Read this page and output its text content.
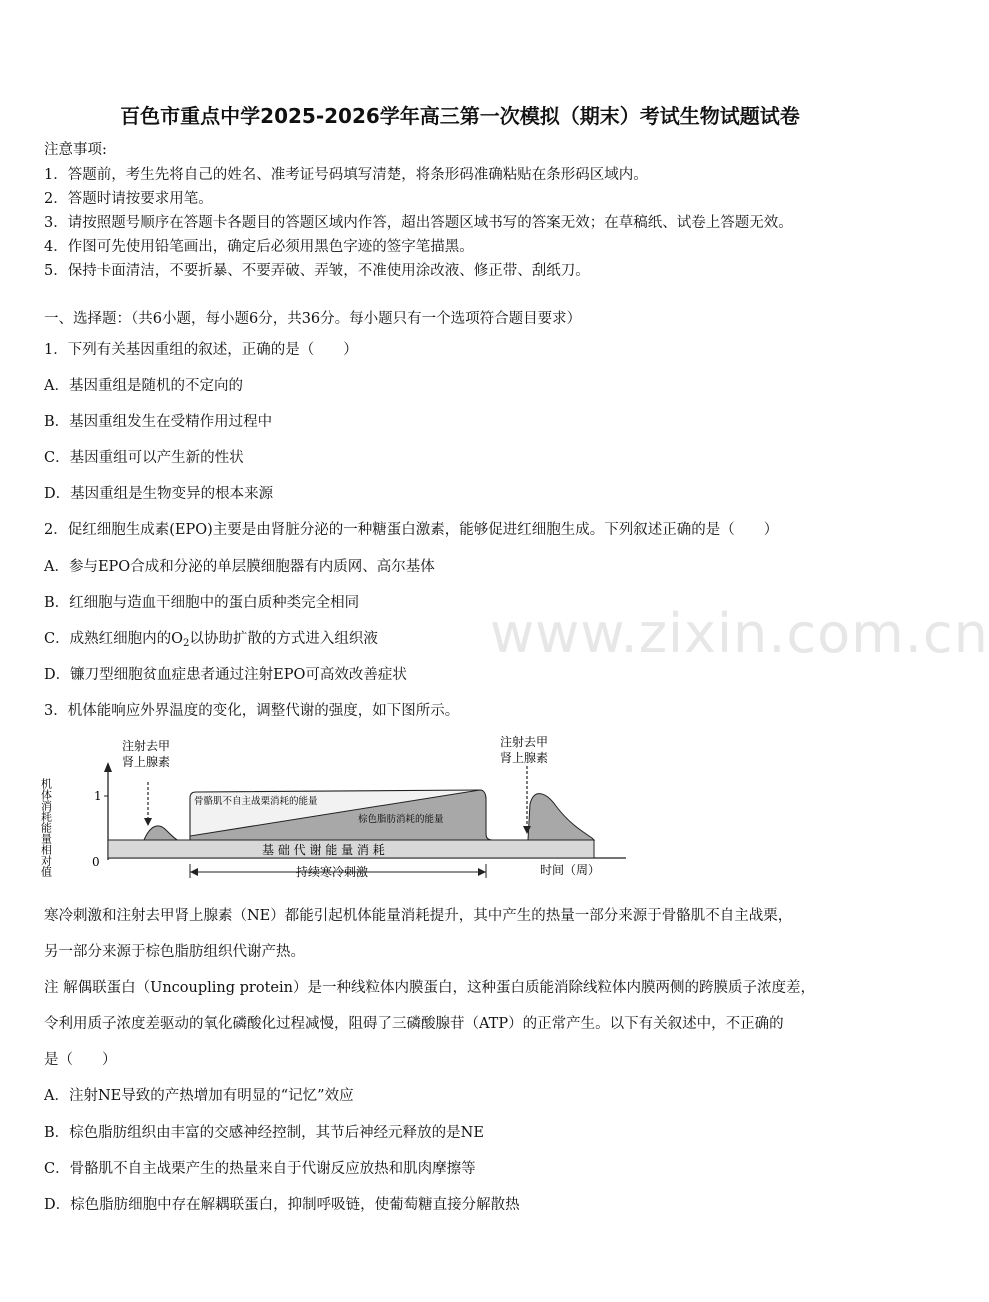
百色市重点中学2025-2026学年高三第一次模拟（期末）考试生物试题试卷
注意事项:
1．答题前，考生先将自己的姓名、准考证号码填写清楚，将条形码准确粘贴在条形码区域内。
2．答题时请按要求用笔。
3．请按照题号顺序在答题卡各题目的答题区域内作答，超出答题区域书写的答案无效；在草稿纸、试卷上答题无效。
4．作图可先使用铅笔画出，确定后必须用黑色字迹的签字笔描黑。
5．保持卡面清洁，不要折暴、不要弄破、弄皱，不准使用涂改液、修正带、刮纸刀。
一、选择题：（共6小题，每小题6分，共36分。每小题只有一个选项符合题目要求）
1．下列有关基因重组的叙述，正确的是（　　）
A．基因重组是随机的不定向的
B．基因重组发生在受精作用过程中
C．基因重组可以产生新的性状
D．基因重组是生物变异的根本来源
2．促红细胞生成素(EPO)主要是由肾脏分泌的一种糖蛋白激素，能够促进红细胞生成。下列叙述正确的是（　　）
A．参与EPO合成和分泌的单层膜细胞器有内质网、高尔基体
B．红细胞与造血干细胞中的蛋白质种类完全相同
C．成熟红细胞内的$O_2$以协助扩散的方式进入组织液
D．镰刀型细胞贫血症患者通过注射EPO可高效改善症状
3．机体能响应外界温度的变化，调整代谢的强度，如下图所示。
机体消耗能量相对值	1
0
注射去甲
肾上腺素
注射去甲
肾上腺素
骨骼肌不自主战栗消耗的能量
棕色脂肪消耗的能量
基 础 代 谢 能 量 消 耗
持续寒冷刺激	时间（周）
寒冷刺激和注射去甲肾上腺素（NE）都能引起机体能量消耗提升，其中产生的热量一部分来源于骨骼肌不自主战栗，
另一部分来源于棕色脂肪组织代谢产热。
注 解偶联蛋白（Uncoupling protein）是一种线粒体内膜蛋白，这种蛋白质能消除线粒体内膜两侧的跨膜质子浓度差，
令利用质子浓度差驱动的氧化磷酸化过程减慢，阻碍了三磷酸腺苷（ATP）的正常产生。以下有关叙述中，不正确的
是（　　）
A．注射NE导致的产热增加有明显的“记忆”效应
B．棕色脂肪组织由丰富的交感神经控制，其节后神经元释放的是NE
C．骨骼肌不自主战栗产生的热量来自于代谢反应放热和肌肉摩擦等
D．棕色脂肪细胞中存在解耦联蛋白，抑制呼吸链，使葡萄糖直接分解散热
www.zixin.com.cn
